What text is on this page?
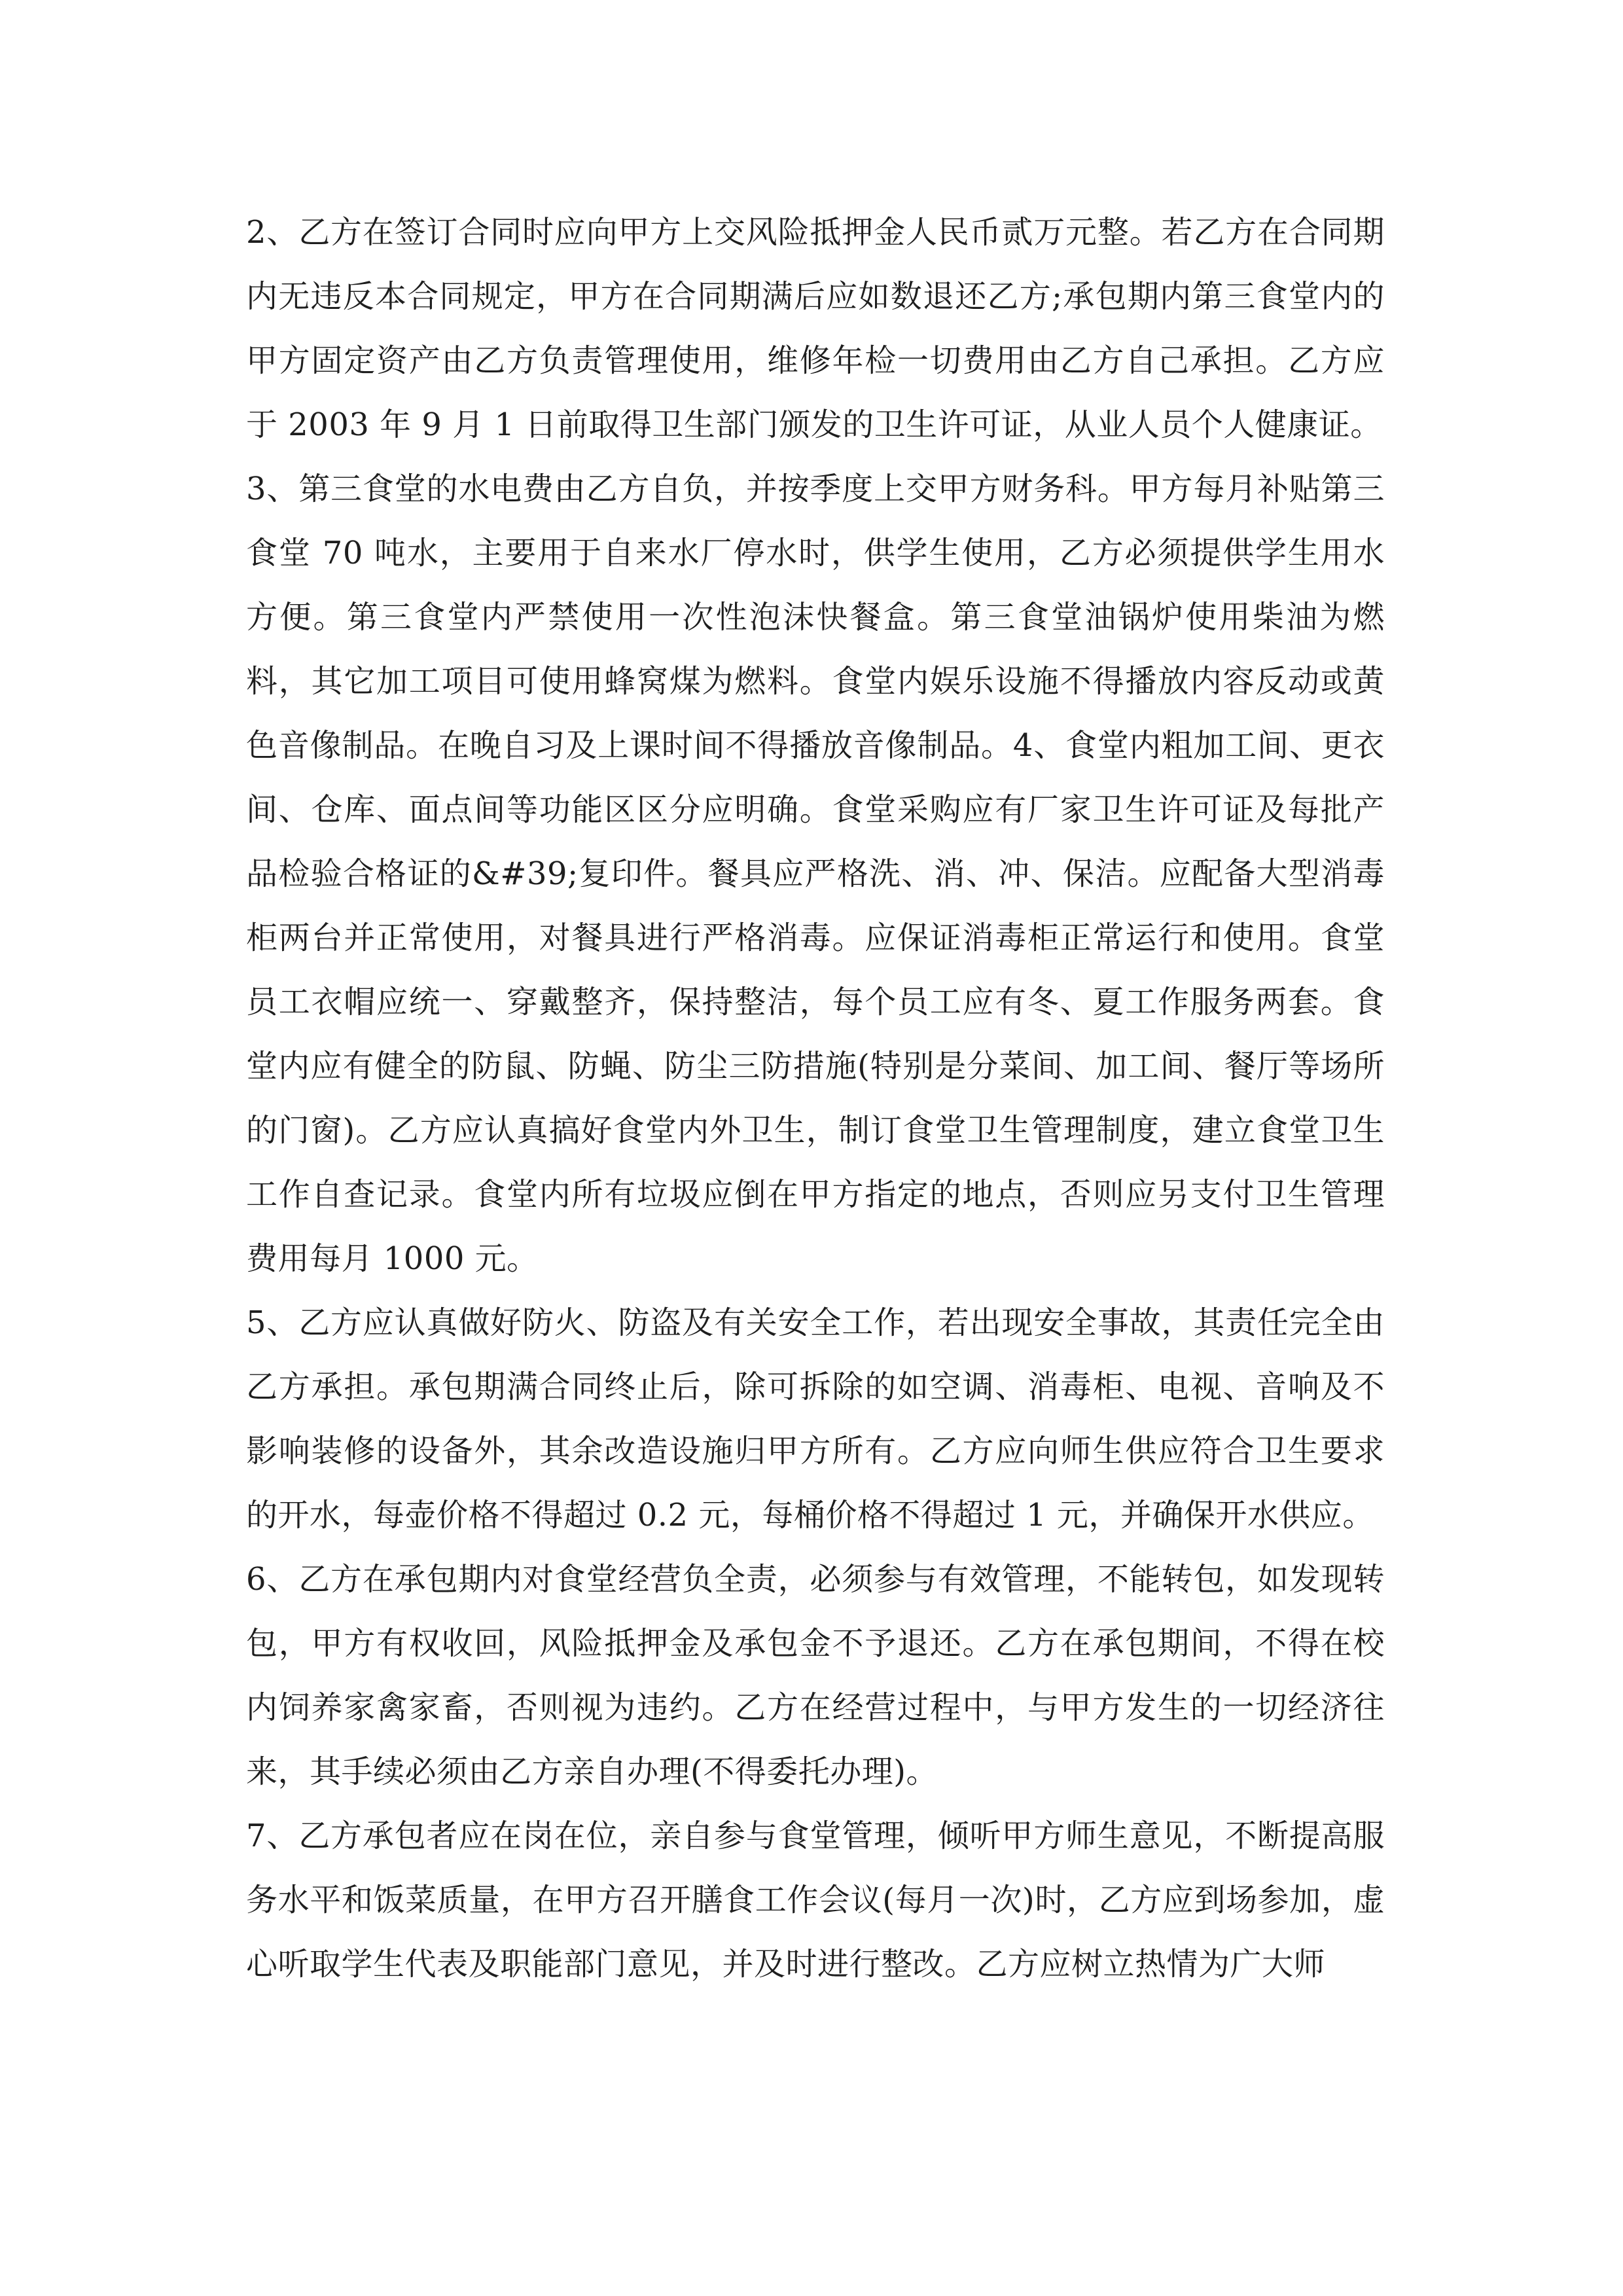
2、乙方在签订合同时应向甲方上交风险抵押金人民币贰万元整。若乙方在合同期内无违反本合同规定，甲方在合同期满后应如数退还乙方;承包期内第三食堂内的甲方固定资产由乙方负责管理使用，维修年检一切费用由乙方自己承担。乙方应于 2003 年 9 月 1 日前取得卫生部门颁发的卫生许可证，从业人员个人健康证。

3、第三食堂的水电费由乙方自负，并按季度上交甲方财务科。甲方每月补贴第三食堂 70 吨水，主要用于自来水厂停水时，供学生使用，乙方必须提供学生用水方便。第三食堂内严禁使用一次性泡沫快餐盒。第三食堂油锅炉使用柴油为燃料，其它加工项目可使用蜂窝煤为燃料。食堂内娱乐设施不得播放内容反动或黄色音像制品。在晚自习及上课时间不得播放音像制品。4、食堂内粗加工间、更衣间、仓库、面点间等功能区区分应明确。食堂采购应有厂家卫生许可证及每批产品检验合格证的&#39;复印件。餐具应严格洗、消、冲、保洁。应配备大型消毒柜两台并正常使用，对餐具进行严格消毒。应保证消毒柜正常运行和使用。食堂员工衣帽应统一、穿戴整齐，保持整洁，每个员工应有冬、夏工作服务两套。食堂内应有健全的防鼠、防蝇、防尘三防措施(特别是分菜间、加工间、餐厅等场所的门窗)。乙方应认真搞好食堂内外卫生，制订食堂卫生管理制度，建立食堂卫生工作自查记录。食堂内所有垃圾应倒在甲方指定的地点，否则应另支付卫生管理费用每月 1000 元。

5、乙方应认真做好防火、防盗及有关安全工作，若出现安全事故，其责任完全由乙方承担。承包期满合同终止后，除可拆除的如空调、消毒柜、电视、音响及不影响装修的设备外，其余改造设施归甲方所有。乙方应向师生供应符合卫生要求的开水，每壶价格不得超过 0.2 元，每桶价格不得超过 1 元，并确保开水供应。

6、乙方在承包期内对食堂经营负全责，必须参与有效管理，不能转包，如发现转包，甲方有权收回，风险抵押金及承包金不予退还。乙方在承包期间，不得在校内饲养家禽家畜，否则视为违约。乙方在经营过程中，与甲方发生的一切经济往来，其手续必须由乙方亲自办理(不得委托办理)。

7、乙方承包者应在岗在位，亲自参与食堂管理，倾听甲方师生意见，不断提高服务水平和饭菜质量，在甲方召开膳食工作会议(每月一次)时，乙方应到场参加，虚心听取学生代表及职能部门意见，并及时进行整改。乙方应树立热情为广大师
